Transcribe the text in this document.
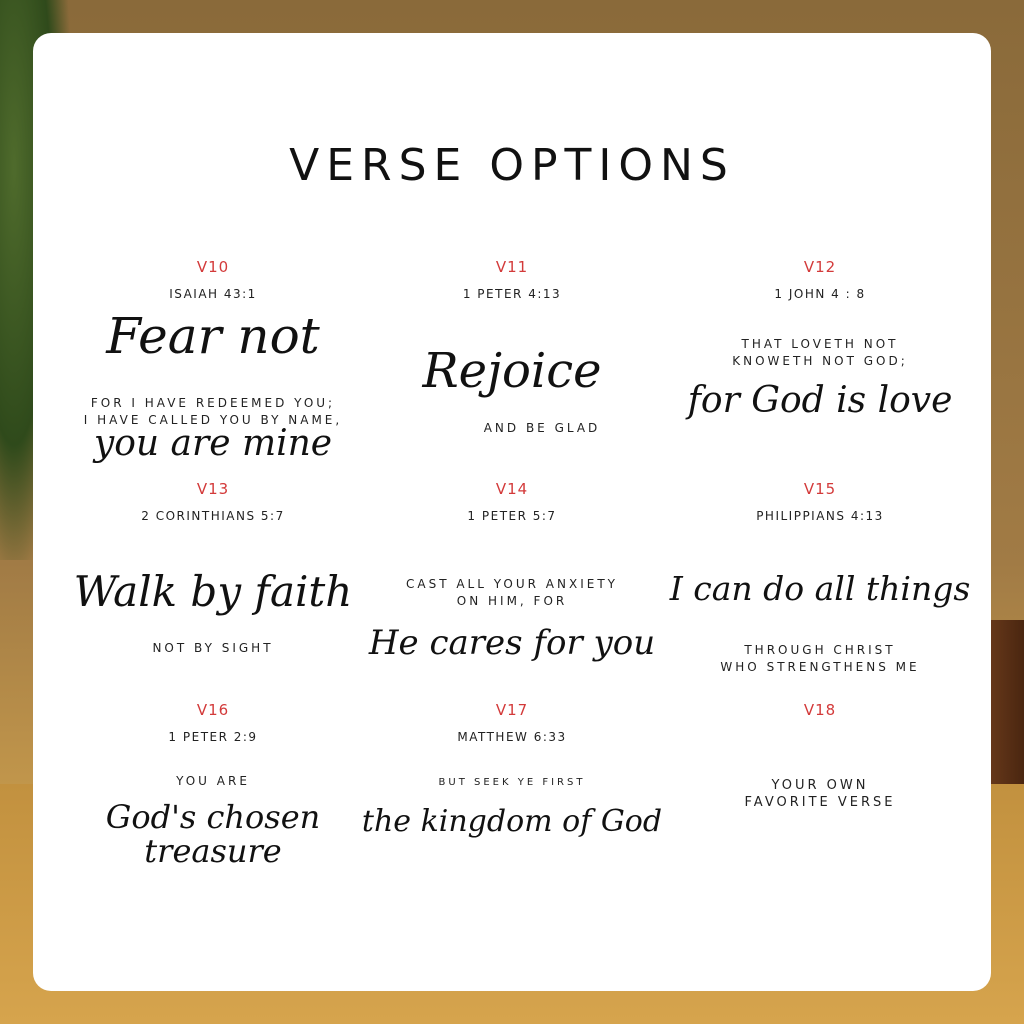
VERSE OPTIONS
V10
ISAIAH 43:1
Fear not
FOR I HAVE REDEEMED YOU;
I HAVE CALLED YOU BY NAME,
you are mine
V11
1 PETER 4:13
Rejoice
AND BE GLAD
V12
1 JOHN 4 : 8
THAT LOVETH NOT
KNOWETH NOT GOD;
for God is love
V13
2 CORINTHIANS 5:7
Walk by faith
NOT BY SIGHT
V14
1 PETER 5:7
CAST ALL YOUR ANXIETY
ON HIM, FOR
He cares for you
V15
PHILIPPIANS 4:13
I can do all things
THROUGH CHRIST
WHO STRENGTHENS ME
V16
1 PETER 2:9
YOU ARE
God's chosen
treasure
V17
MATTHEW 6:33
BUT SEEK YE FIRST
the kingdom of God
V18
YOUR OWN
FAVORITE VERSE
